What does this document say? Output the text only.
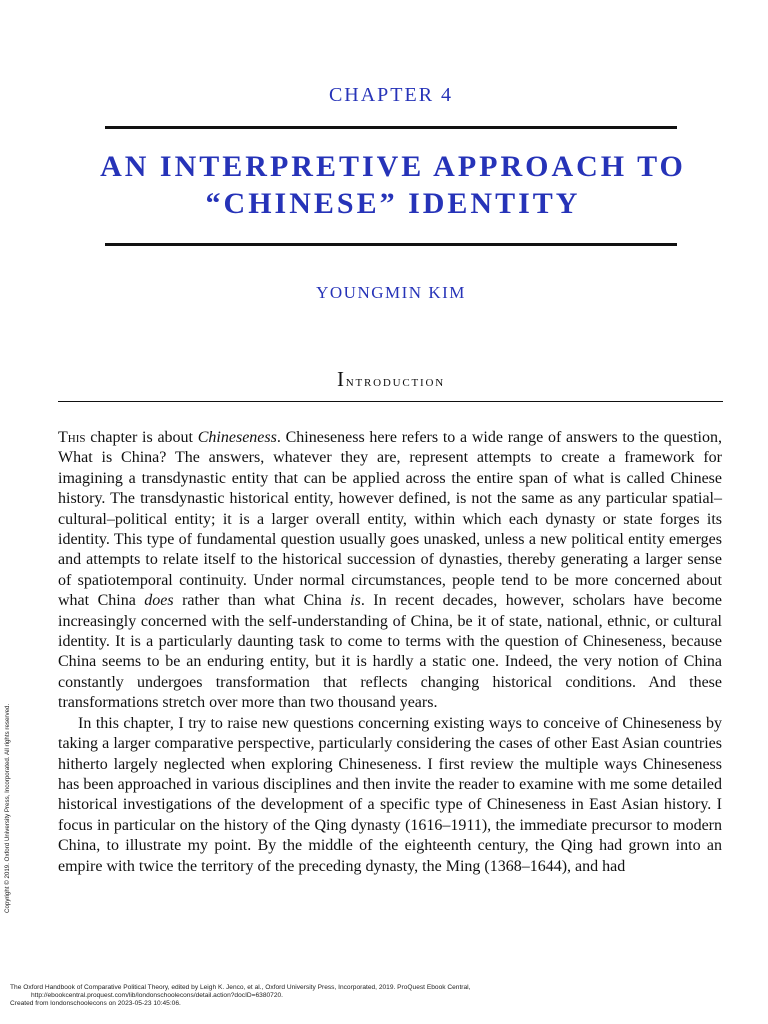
CHAPTER 4
AN INTERPRETIVE APPROACH TO
“CHINESE” IDENTITY
YOUNGMIN KIM
Introduction

This chapter is about Chineseness. Chineseness here refers to a wide range of answers to the question, What is China? The answers, whatever they are, represent attempts to create a framework for imagining a transdynastic entity that can be applied across the entire span of what is called Chinese history. The transdynastic historical entity, however defined, is not the same as any particular spatial–cultural–political entity; it is a larger overall entity, within which each dynasty or state forges its identity. This type of fundamental question usually goes unasked, unless a new political entity emerges and attempts to relate itself to the historical succession of dynasties, thereby generating a larger sense of spatiotemporal continuity. Under normal circumstances, people tend to be more concerned about what China does rather than what China is. In recent decades, however, scholars have become increasingly concerned with the self-understanding of China, be it of state, national, ethnic, or cultural identity. It is a particularly daunting task to come to terms with the question of Chineseness, because China seems to be an enduring entity, but it is hardly a static one. Indeed, the very notion of China constantly undergoes transformation that reflects changing historical conditions. And these transformations stretch over more than two thousand years.

In this chapter, I try to raise new questions concerning existing ways to conceive of Chineseness by taking a larger comparative perspective, particularly considering the cases of other East Asian countries hitherto largely neglected when exploring Chineseness. I first review the multiple ways Chineseness has been approached in various disciplines and then invite the reader to examine with me some detailed historical investigations of the development of a specific type of Chineseness in East Asian history. I focus in particular on the history of the Qing dynasty (1616–1911), the immediate precursor to modern China, to illustrate my point. By the middle of the eighteenth century, the Qing had grown into an empire with twice the territory of the preceding dynasty, the Ming (1368–1644), and had

Copyright © 2019. Oxford University Press, Incorporated. All rights reserved.
The Oxford Handbook of Comparative Political Theory, edited by Leigh K. Jenco, et al., Oxford University Press, Incorporated, 2019. ProQuest Ebook Central,
http://ebookcentral.proquest.com/lib/londonschoolecons/detail.action?docID=6380720.
Created from londonschoolecons on 2023-05-23 10:45:06.
